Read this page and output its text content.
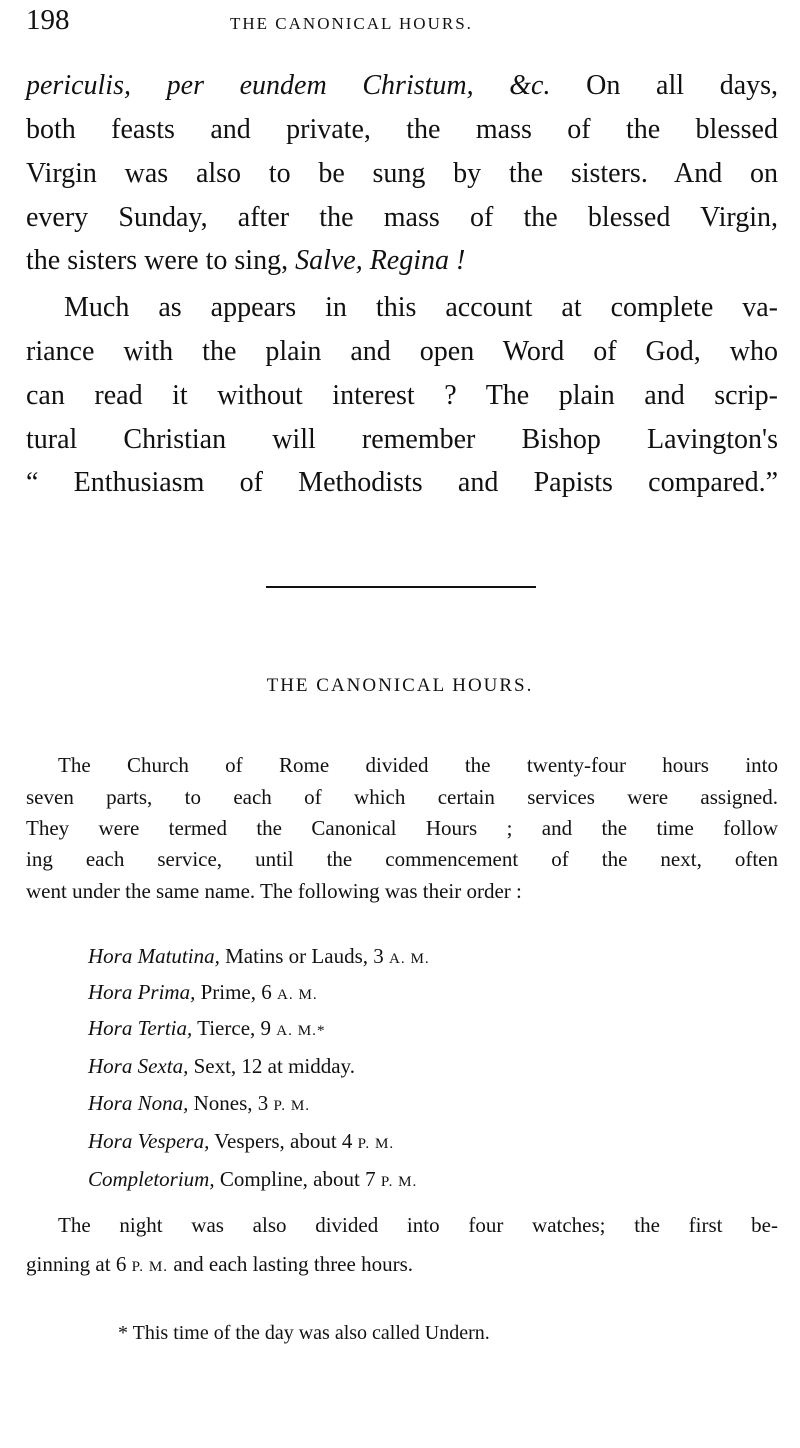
198	THE CANONICAL HOURS.
periculis, per eundem Christum, &c. On all days,
both feasts and private, the mass of the blessed
Virgin was also to be sung by the sisters. And on
every Sunday, after the mass of the blessed Virgin,
the sisters were to sing, Salve, Regina !
Much as appears in this account at complete va-
riance with the plain and open Word of God, who
can read it without interest ? The plain and scrip-
tural Christian will remember Bishop Lavington's
“ Enthusiasm of Methodists and Papists compared.”
THE CANONICAL HOURS.
The Church of Rome divided the twenty-four hours into
seven parts, to each of which certain services were assigned.
They were termed the Canonical Hours ; and the time follow
ing each service, until the commencement of the next, often
went under the same name. The following was their order :
Hora Matutina, Matins or Lauds, 3 A. M.
Hora Prima, Prime, 6 A. M.
Hora Tertia, Tierce, 9 A. M.*
Hora Sexta, Sext, 12 at midday.
Hora Nona, Nones, 3 P. M.
Hora Vespera, Vespers, about 4 P. M.
Completorium, Compline, about 7 P. M.
The night was also divided into four watches; the first be-
ginning at 6 P. M. and each lasting three hours.
* This time of the day was also called Undern.
